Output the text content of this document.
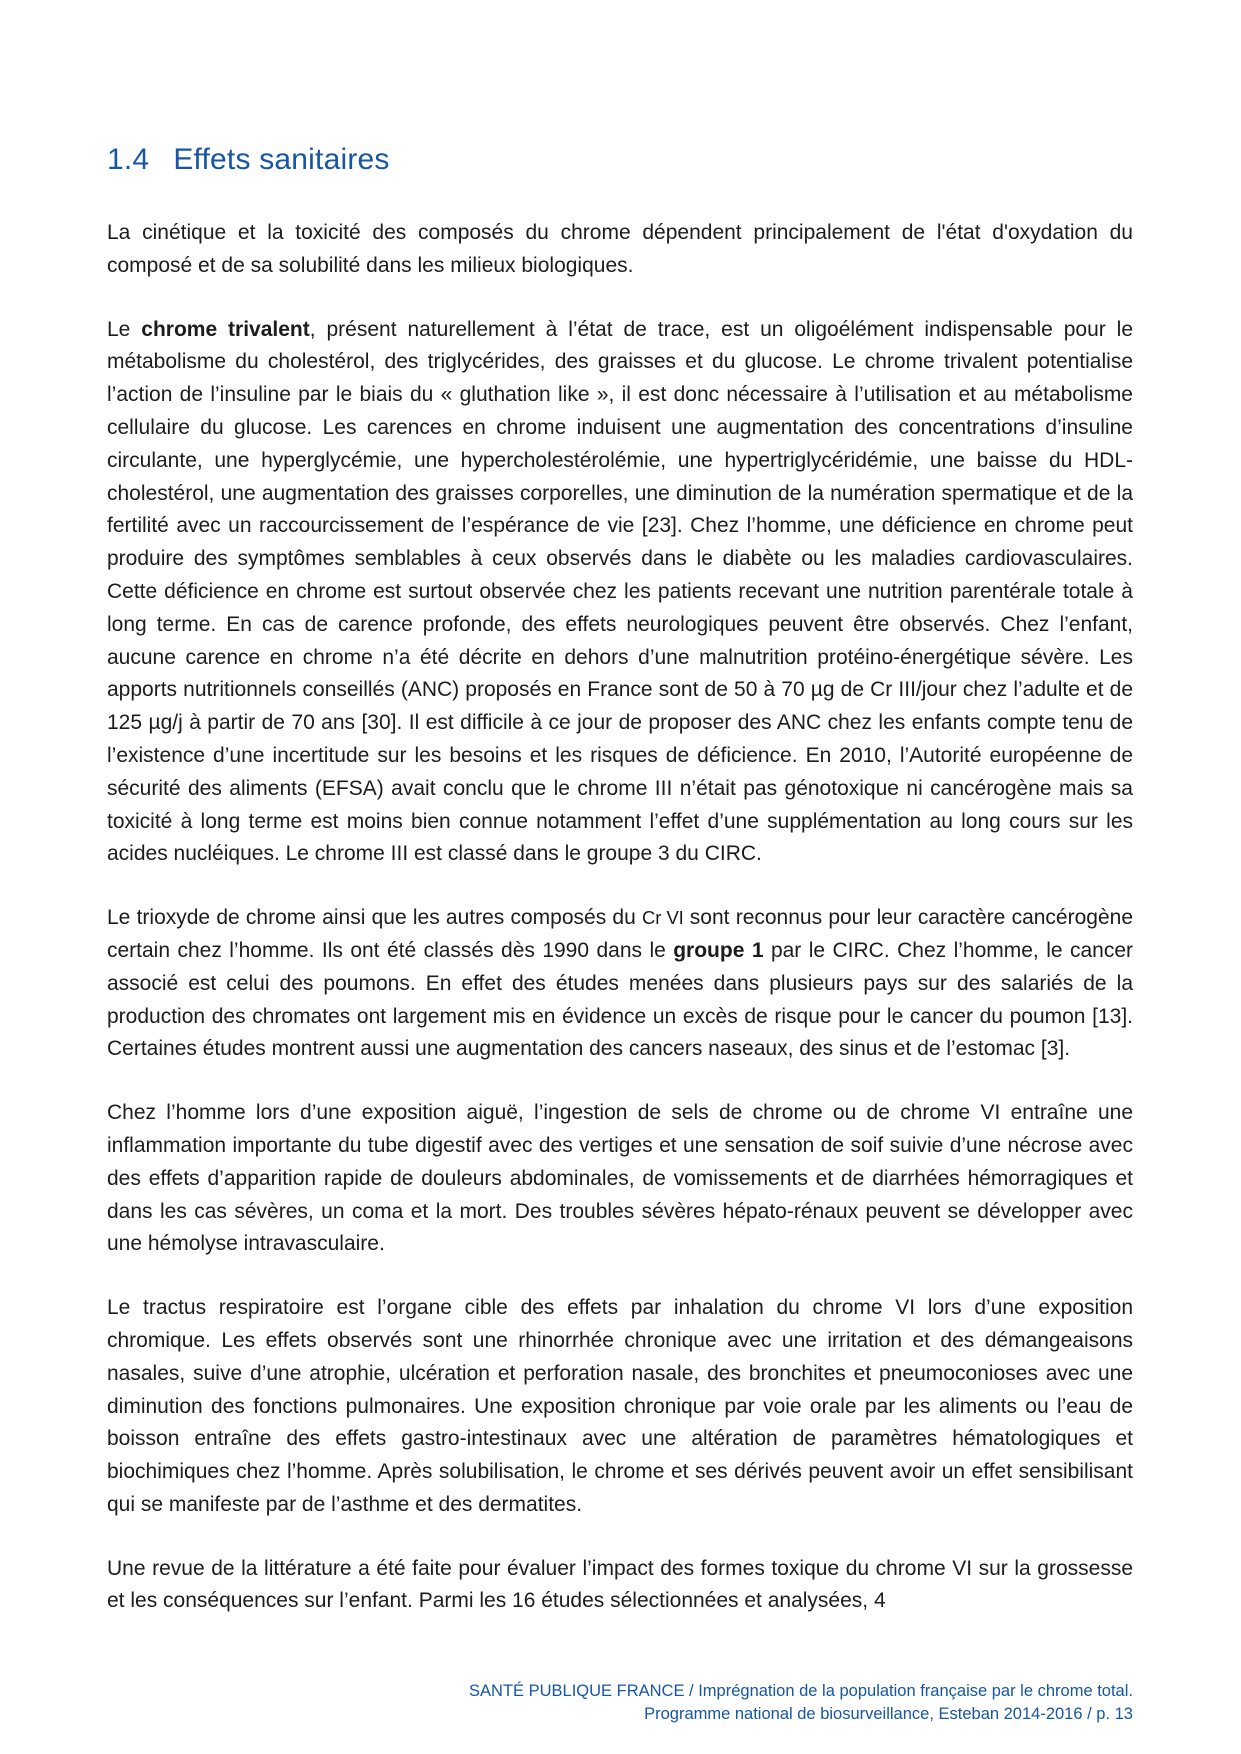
1.4 Effets sanitaires

La cinétique et la toxicité des composés du chrome dépendent principalement de l'état d'oxydation du composé et de sa solubilité dans les milieux biologiques.

Le chrome trivalent, présent naturellement à l’état de trace, est un oligoélément indispensable pour le métabolisme du cholestérol, des triglycérides, des graisses et du glucose. Le chrome trivalent potentialise l’action de l’insuline par le biais du « gluthation like », il est donc nécessaire à l’utilisation et au métabolisme cellulaire du glucose. Les carences en chrome induisent une augmentation des concentrations d’insuline circulante, une hyperglycémie, une hypercholestérolémie, une hypertriglycéridémie, une baisse du HDL-cholestérol, une augmentation des graisses corporelles, une diminution de la numération spermatique et de la fertilité avec un raccourcissement de l’espérance de vie [23]. Chez l’homme, une déficience en chrome peut produire des symptômes semblables à ceux observés dans le diabète ou les maladies cardiovasculaires. Cette déficience en chrome est surtout observée chez les patients recevant une nutrition parentérale totale à long terme. En cas de carence profonde, des effets neurologiques peuvent être observés. Chez l’enfant, aucune carence en chrome n’a été décrite en dehors d’une malnutrition protéino-énergétique sévère. Les apports nutritionnels conseillés (ANC) proposés en France sont de 50 à 70 µg de Cr III/jour chez l’adulte et de 125 µg/j à partir de 70 ans [30]. Il est difficile à ce jour de proposer des ANC chez les enfants compte tenu de l’existence d’une incertitude sur les besoins et les risques de déficience. En 2010, l’Autorité européenne de sécurité des aliments (EFSA) avait conclu que le chrome III n’était pas génotoxique ni cancérogène mais sa toxicité à long terme est moins bien connue notamment l’effet d’une supplémentation au long cours sur les acides nucléiques. Le chrome III est classé dans le groupe 3 du CIRC.

Le trioxyde de chrome ainsi que les autres composés du Cr VI sont reconnus pour leur caractère cancérogène certain chez l’homme. Ils ont été classés dès 1990 dans le groupe 1 par le CIRC. Chez l’homme, le cancer associé est celui des poumons. En effet des études menées dans plusieurs pays sur des salariés de la production des chromates ont largement mis en évidence un excès de risque pour le cancer du poumon [13]. Certaines études montrent aussi une augmentation des cancers naseaux, des sinus et de l’estomac [3].

Chez l’homme lors d’une exposition aiguë, l’ingestion de sels de chrome ou de chrome VI entraîne une inflammation importante du tube digestif avec des vertiges et une sensation de soif suivie d’une nécrose avec des effets d’apparition rapide de douleurs abdominales, de vomissements et de diarrhées hémorragiques et dans les cas sévères, un coma et la mort. Des troubles sévères hépato-rénaux peuvent se développer avec une hémolyse intravasculaire.

Le tractus respiratoire est l’organe cible des effets par inhalation du chrome VI lors d’une exposition chromique. Les effets observés sont une rhinorrhée chronique avec une irritation et des démangeaisons nasales, suive d’une atrophie, ulcération et perforation nasale, des bronchites et pneumoconioses avec une diminution des fonctions pulmonaires. Une exposition chronique par voie orale par les aliments ou l’eau de boisson entraîne des effets gastro-intestinaux avec une altération de paramètres hématologiques et biochimiques chez l’homme. Après solubilisation, le chrome et ses dérivés peuvent avoir un effet sensibilisant qui se manifeste par de l’asthme et des dermatites.

Une revue de la littérature a été faite pour évaluer l’impact des formes toxique du chrome VI sur la grossesse et les conséquences sur l’enfant. Parmi les 16 études sélectionnées et analysées, 4

SANTÉ PUBLIQUE FRANCE / Imprégnation de la population française par le chrome total.
Programme national de biosurveillance, Esteban 2014-2016 / p. 13
